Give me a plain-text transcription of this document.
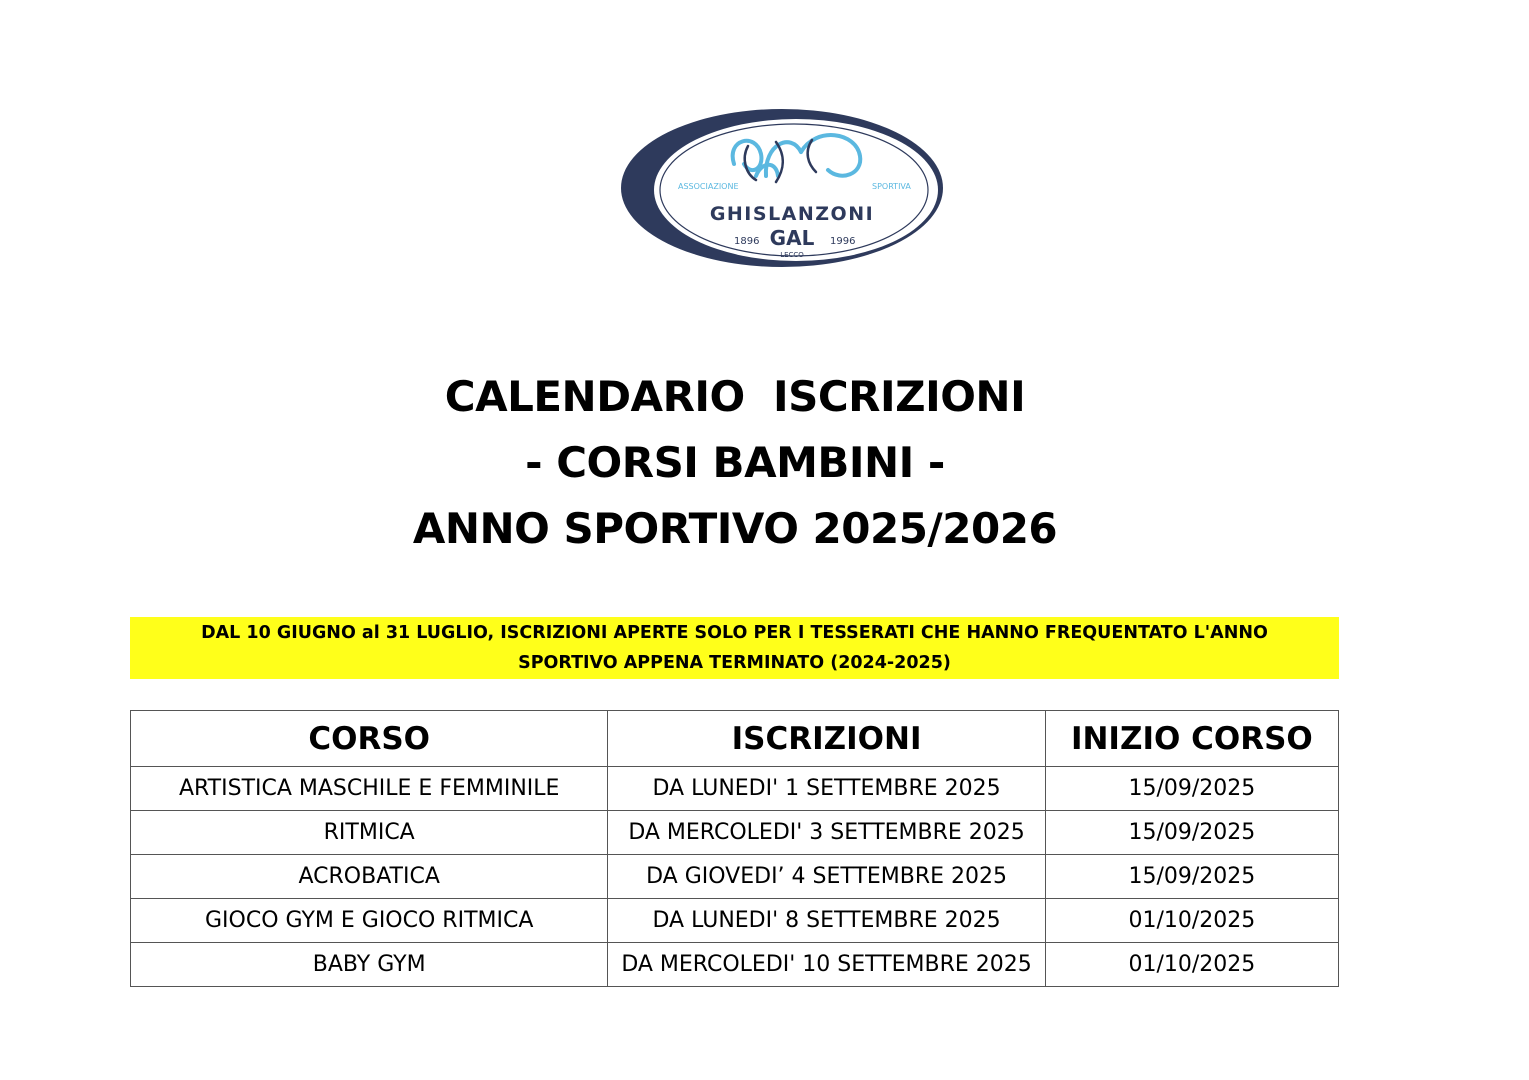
ASSOCIAZIONE	SPORTIVA
GHISLANZONI
1896 GAL 1996
LECCO
CALENDARIO  ISCRIZIONI
- CORSI BAMBINI -
ANNO SPORTIVO 2025/2026
DAL 10 GIUGNO al 31 LUGLIO, ISCRIZIONI APERTE SOLO PER I TESSERATI CHE HANNO FREQUENTATO L'ANNO
SPORTIVO APPENA TERMINATO (2024-2025)
CORSO	ISCRIZIONI	INIZIO CORSO
ARTISTICA MASCHILE E FEMMINILE	DA LUNEDI' 1 SETTEMBRE 2025	15/09/2025
RITMICA	DA MERCOLEDI' 3 SETTEMBRE 2025	15/09/2025
ACROBATICA	DA GIOVEDI’ 4 SETTEMBRE 2025	15/09/2025
GIOCO GYM E GIOCO RITMICA	DA LUNEDI' 8 SETTEMBRE 2025	01/10/2025
BABY GYM	DA MERCOLEDI' 10 SETTEMBRE 2025	01/10/2025
